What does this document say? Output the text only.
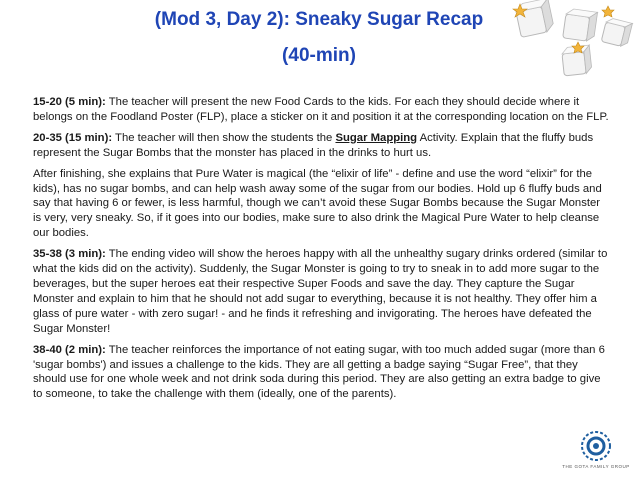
(Mod 3, Day 2): Sneaky Sugar Recap
(40-min)

15-20 (5 min): The teacher will present the new Food Cards to the kids. For each they should decide where it belongs on the Foodland Poster (FLP), place a sticker on it and position it at the corresponding location on the FLP.

20-35 (15 min): The teacher will then show the students the Sugar Mapping Activity. Explain that the fluffy buds represent the Sugar Bombs that the monster has placed in the drinks to hurt us.

After finishing, she explains that Pure Water is magical (the “elixir of life” - define and use the word “elixir” for the kids), has no sugar bombs, and can help wash away some of the sugar from our bodies. Hold up 6 fluffy buds and say that having 6 or fewer, is less harmful, though we can’t avoid these Sugar Bombs because the Sugar Monster is very, very sneaky. So, if it goes into our bodies, make sure to also drink the Magical Pure Water to help cleanse our bodies.

35-38 (3 min): The ending video will show the heroes happy with all the unhealthy sugary drinks ordered (similar to what the kids did on the activity). Suddenly, the Sugar Monster is going to try to sneak in to add more sugar to the beverages, but the super heroes eat their respective Super Foods and save the day. They capture the Sugar Monster and explain to him that he should not add sugar to everything, because it is not healthy. They offer him a glass of pure water - with zero sugar! - and he finds it refreshing and invigorating. The heroes have defeated the Sugar Monster!

38-40 (2 min): The teacher reinforces the importance of not eating sugar, with too much added sugar (more than 6 'sugar bombs') and issues a challenge to the kids. They are all getting a badge saying “Sugar Free”, that they should use for one whole week and not drink soda during this period. They are also getting an extra badge to give to someone, to take the challenge with them (ideally, one of the parents).

THE GOTA FAMILY GROUP
